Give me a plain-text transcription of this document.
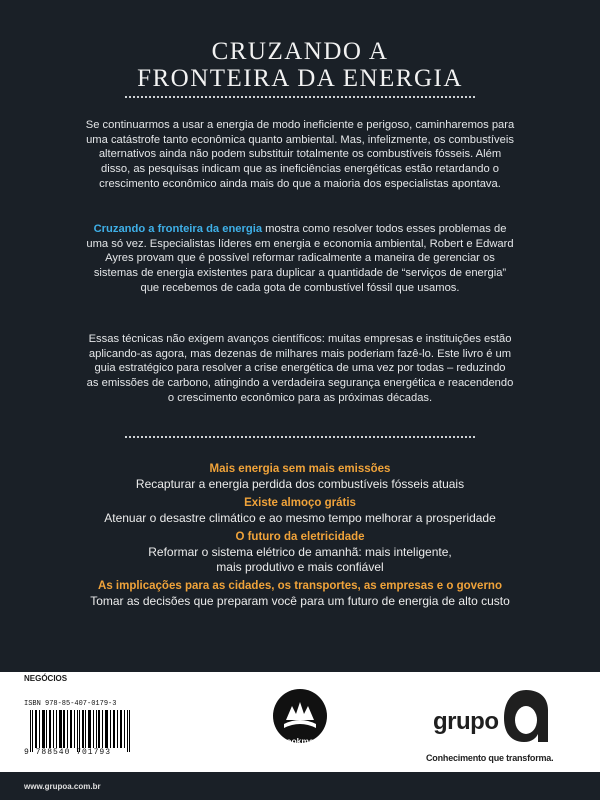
CRUZANDO A
FRONTEIRA DA ENERGIA

Se continuarmos a usar a energia de modo ineficiente e perigoso, caminharemos para
uma catástrofe tanto econômica quanto ambiental. Mas, infelizmente, os combustíveis
alternativos ainda não podem substituir totalmente os combustíveis fósseis. Além
disso, as pesquisas indicam que as ineficiências energéticas estão retardando o
crescimento econômico ainda mais do que a maioria dos especialistas apontava.

Cruzando a fronteira da energia mostra como resolver todos esses problemas de
uma só vez. Especialistas líderes em energia e economia ambiental, Robert e Edward
Ayres provam que é possível reformar radicalmente a maneira de gerenciar os
sistemas de energia existentes para duplicar a quantidade de “serviços de energia”
que recebemos de cada gota de combustível fóssil que usamos.

Essas técnicas não exigem avanços científicos: muitas empresas e instituições estão
aplicando-as agora, mas dezenas de milhares mais poderiam fazê-lo. Este livro é um
guia estratégico para resolver a crise energética de uma vez por todas – reduzindo
as emissões de carbono, atingindo a verdadeira segurança energética e reacendendo
o crescimento econômico para as próximas décadas.

Mais energia sem mais emissões
Recapturar a energia perdida dos combustíveis fósseis atuais
Existe almoço grátis
Atenuar o desastre climático e ao mesmo tempo melhorar a prosperidade
O futuro da eletricidade
Reformar o sistema elétrico de amanhã: mais inteligente,
mais produtivo e mais confiável
As implicações para as cidades, os transportes, as empresas e o governo
Tomar as decisões que preparam você para um futuro de energia de alto custo
NEGÓCIOS
ISBN 978-85-407-0179-3
9 788540 701793
bookman
grupo	a
Conhecimento que transforma.
www.grupoa.com.br
